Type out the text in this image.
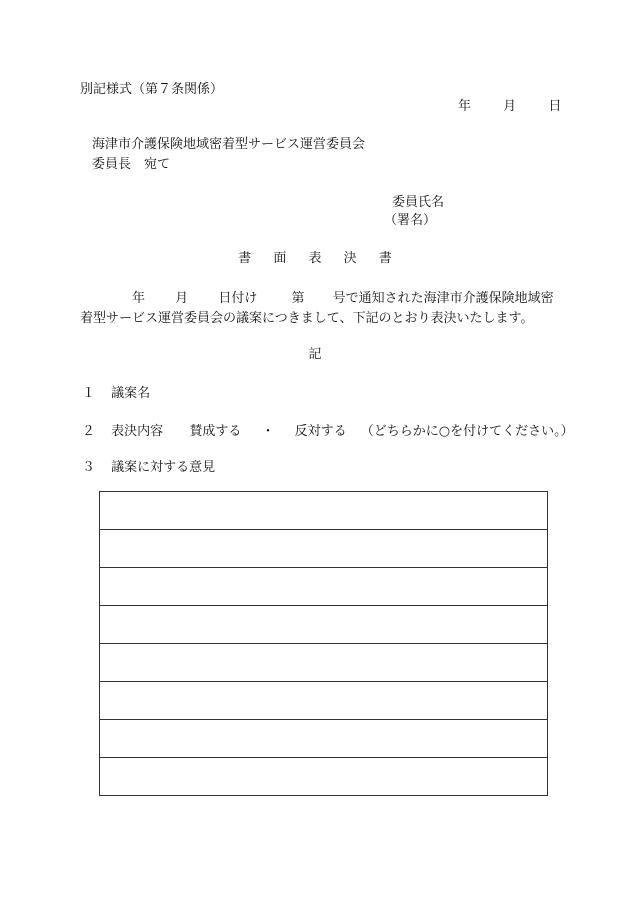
別記様式（第７条関係）
年 月 日
海津市介護保険地域密着型サービス運営委員会
委員長　宛て
委員氏名
（署名）
書 面 表 決 書
年 月 日付け	第 号で通知された海津市介護保険地域密
着型サービス運営委員会の議案につきまして、下記のとおり表決いたします。
記
１ 議案名
２ 表決内容 賛成する ・ 反対する （どちらかに○を付けてください。）
３ 議案に対する意見
